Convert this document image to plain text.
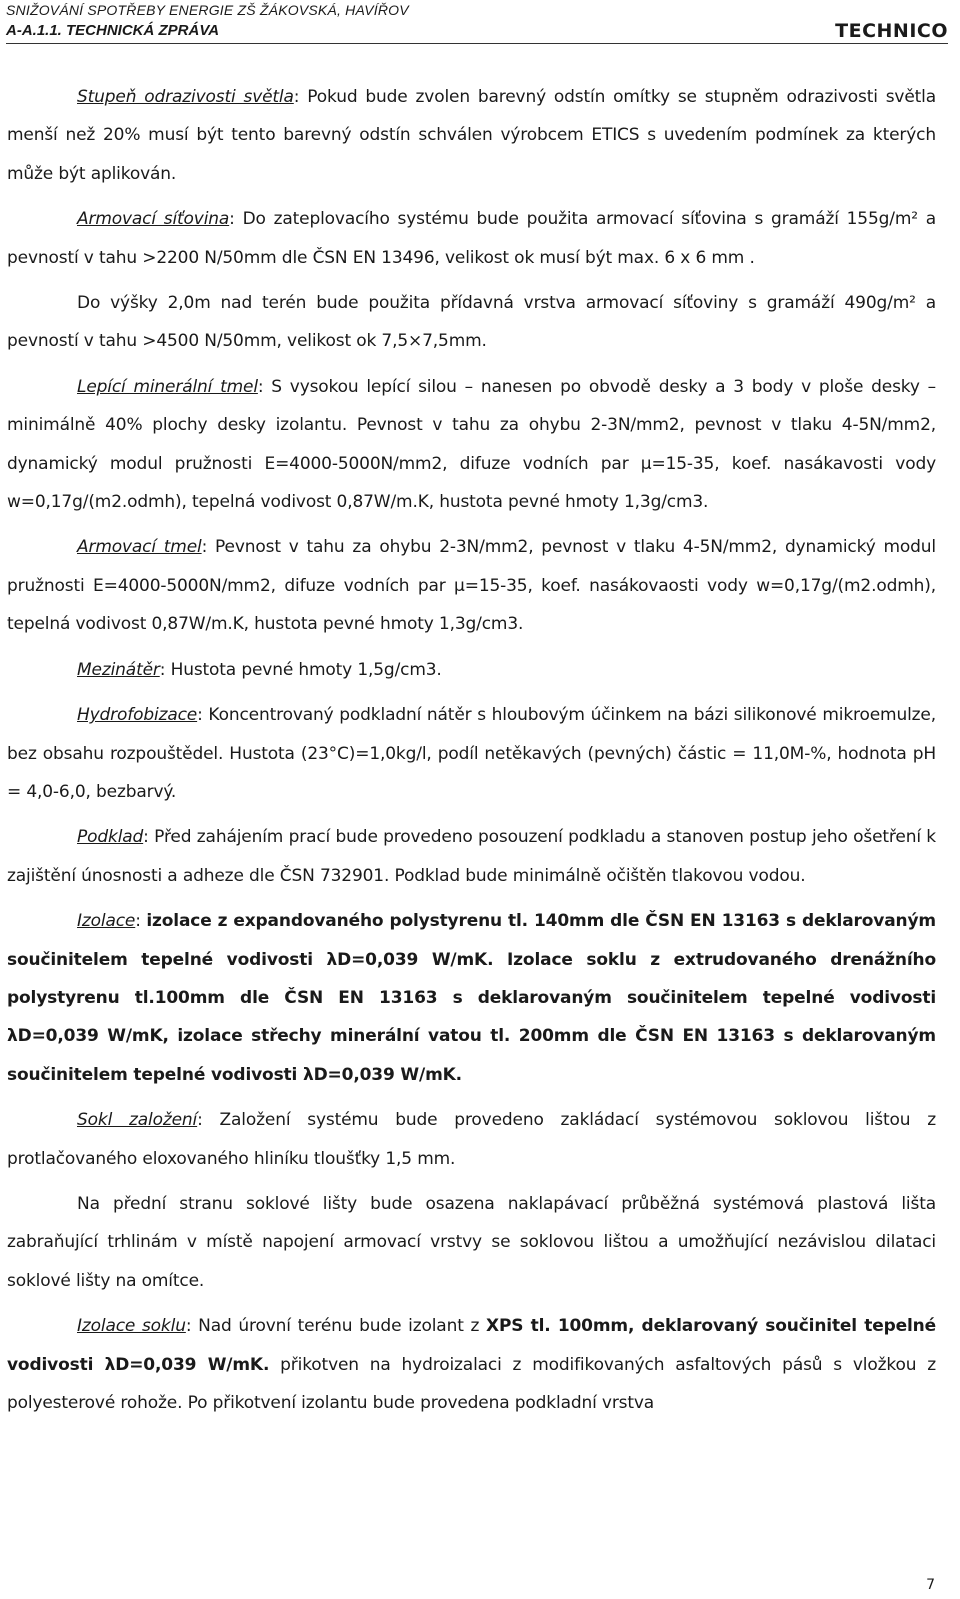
SNIŽOVÁNÍ SPOTŘEBY ENERGIE ZŠ ŽÁKOVSKÁ, HAVÍŘOV
A-A.1.1. TECHNICKÁ ZPRÁVA	TECHNICO

Stupeň odrazivosti světla: Pokud bude zvolen barevný odstín omítky se stupněm odrazivosti světla menší než 20% musí být tento barevný odstín schválen výrobcem ETICS s uvedením podmínek za kterých může být aplikován.

Armovací síťovina: Do zateplovacího systému bude použita armovací síťovina s gramáží 155g/m² a pevností v tahu >2200 N/50mm dle ČSN EN 13496, velikost ok musí být max. 6 x 6 mm .

Do výšky 2,0m nad terén bude použita přídavná vrstva armovací síťoviny s gramáží 490g/m² a pevností v tahu >4500 N/50mm, velikost ok 7,5×7,5mm.

Lepící minerální tmel: S vysokou lepící silou – nanesen po obvodě desky a 3 body v ploše desky – minimálně 40% plochy desky izolantu. Pevnost v tahu za ohybu 2-3N/mm2, pevnost v tlaku 4-5N/mm2, dynamický modul pružnosti E=4000-5000N/mm2, difuze vodních par µ=15-35, koef. nasákavosti vody w=0,17g/(m2.odmh), tepelná vodivost 0,87W/m.K, hustota pevné hmoty 1,3g/cm3.

Armovací tmel: Pevnost v tahu za ohybu 2-3N/mm2, pevnost v tlaku 4-5N/mm2, dynamický modul pružnosti E=4000-5000N/mm2, difuze vodních par µ=15-35, koef. nasákovaosti vody w=0,17g/(m2.odmh), tepelná vodivost 0,87W/m.K, hustota pevné hmoty 1,3g/cm3.

Mezinátěr: Hustota pevné hmoty 1,5g/cm3.

Hydrofobizace: Koncentrovaný podkladní nátěr s hloubovým účinkem na bázi silikonové mikroemulze, bez obsahu rozpouštědel. Hustota (23°C)=1,0kg/l, podíl netěkavých (pevných) částic = 11,0M-%, hodnota pH = 4,0-6,0, bezbarvý.

Podklad: Před zahájením prací bude provedeno posouzení podkladu a stanoven postup jeho ošetření k zajištění únosnosti a adheze dle ČSN 732901. Podklad bude minimálně očištěn tlakovou vodou.

Izolace: izolace z expandovaného polystyrenu tl. 140mm dle ČSN EN 13163 s deklarovaným součinitelem tepelné vodivosti λD=0,039 W/mK. Izolace soklu z extrudovaného drenážního polystyrenu tl.100mm dle ČSN EN 13163 s deklarovaným součinitelem tepelné vodivosti λD=0,039 W/mK, izolace střechy minerální vatou tl. 200mm dle ČSN EN 13163 s deklarovaným součinitelem tepelné vodivosti λD=0,039 W/mK.

Sokl založení: Založení systému bude provedeno zakládací systémovou soklovou lištou z protlačovaného eloxovaného hliníku tloušťky 1,5 mm.

Na přední stranu soklové lišty bude osazena naklapávací průběžná systémová plastová lišta zabraňující trhlinám v místě napojení armovací vrstvy se soklovou lištou a umožňující nezávislou dilataci soklové lišty na omítce.

Izolace soklu: Nad úrovní terénu bude izolant z XPS tl. 100mm, deklarovaný součinitel tepelné vodivosti λD=0,039 W/mK. přikotven na hydroizalaci z modifikovaných asfaltových pásů s vložkou z polyesterové rohože. Po přikotvení izolantu bude provedena podkladní vrstva

7
